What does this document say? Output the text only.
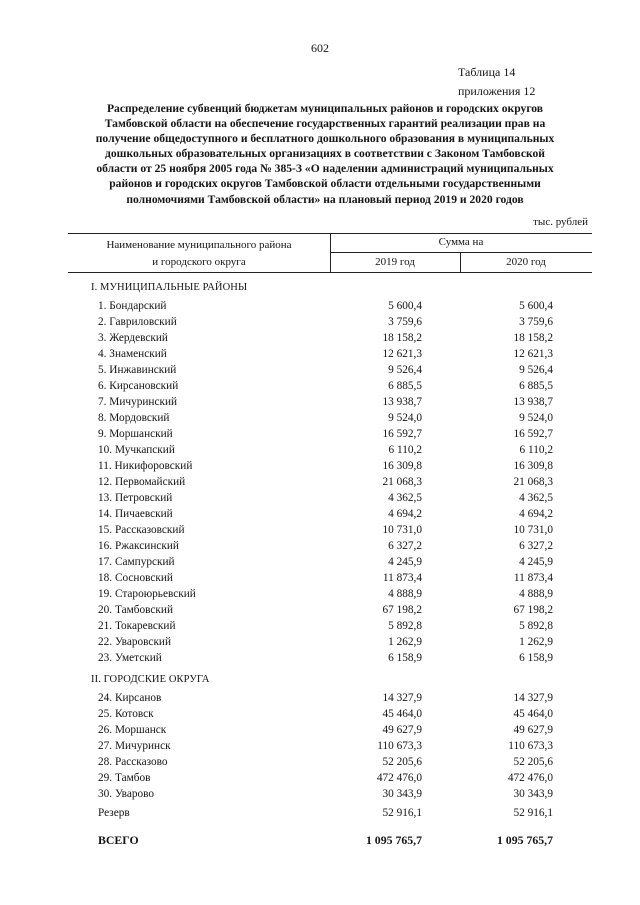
602
Таблица 14
приложения 12
Распределение субвенций бюджетам муниципальных районов и городских округов
Тамбовской области на обеспечение государственных гарантий реализации прав на
получение общедоступного и бесплатного дошкольного образования в муниципальных
дошкольных образовательных организациях в соответствии с Законом Тамбовской
области от 25 ноября 2005 года № 385-З «О наделении администраций муниципальных
районов и городских округов Тамбовской области отдельными государственными
полномочиями Тамбовской области» на плановый период 2019 и 2020 годов
тыс. рублей
Наименование муниципального района
и городского округа
Сумма на
2019 год	2020 год
I. МУНИЦИПАЛЬНЫЕ РАЙОНЫ
1. Бондарский	5 600,4	5 600,4
2. Гавриловский	3 759,6	3 759,6
3. Жердевский	18 158,2	18 158,2
4. Знаменский	12 621,3	12 621,3
5. Инжавинский	9 526,4	9 526,4
6. Кирсановский	6 885,5	6 885,5
7. Мичуринский	13 938,7	13 938,7
8. Мордовский	9 524,0	9 524,0
9. Моршанский	16 592,7	16 592,7
10. Мучкапский	6 110,2	6 110,2
11. Никифоровский	16 309,8	16 309,8
12. Первомайский	21 068,3	21 068,3
13. Петровский	4 362,5	4 362,5
14. Пичаевский	4 694,2	4 694,2
15. Рассказовский	10 731,0	10 731,0
16. Ржаксинский	6 327,2	6 327,2
17. Сампурский	4 245,9	4 245,9
18. Сосновский	11 873,4	11 873,4
19. Староюрьевский	4 888,9	4 888,9
20. Тамбовский	67 198,2	67 198,2
21. Токаревский	5 892,8	5 892,8
22. Уваровский	1 262,9	1 262,9
23. Уметский	6 158,9	6 158,9
II. ГОРОДСКИЕ ОКРУГА
24. Кирсанов	14 327,9	14 327,9
25. Котовск	45 464,0	45 464,0
26. Моршанск	49 627,9	49 627,9
27. Мичуринск	110 673,3	110 673,3
28. Рассказово	52 205,6	52 205,6
29. Тамбов	472 476,0	472 476,0
30. Уварово	30 343,9	30 343,9
Резерв	52 916,1	52 916,1
ВСЕГО	1 095 765,7	1 095 765,7
